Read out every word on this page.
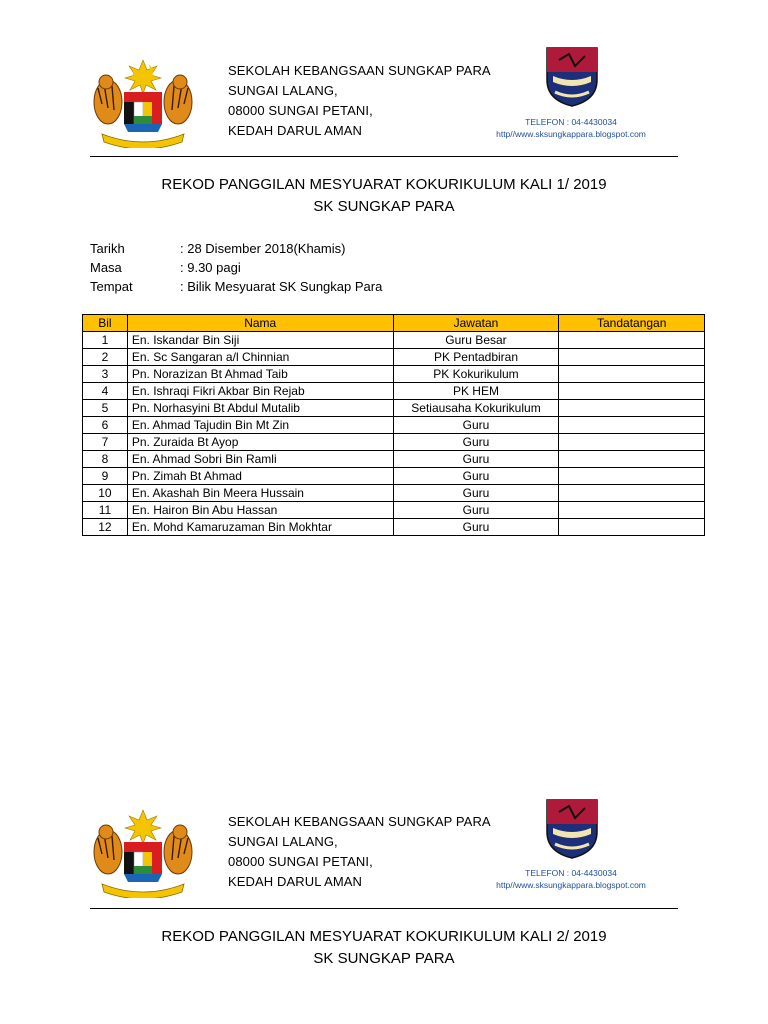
⋯⋯⋯⋯⋯
SEKOLAH KEBANGSAAN SUNGKAP PARA
SUNGAI LALANG,
08000 SUNGAI PETANI,
KEDAH DARUL AMAN
TELEFON : 04-4430034
http//www.sksungkappara.blogspot.com
REKOD PANGGILAN MESYUARAT KOKURIKULUM KALI 1/ 2019
SK SUNGKAP PARA
Tarikh	: 28 Disember 2018(Khamis)
Masa	: 9.30 pagi
Tempat	: Bilik Mesyuarat SK Sungkap Para
Bil	Nama	Jawatan	Tandatangan
1	En. Iskandar Bin Siji	Guru Besar	
2	En. Sc Sangaran a/l Chinnian	PK Pentadbiran	
3	Pn. Norazizan Bt Ahmad Taib	PK Kokurikulum	
4	En. Ishraqi Fikri Akbar Bin Rejab	PK HEM	
5	Pn. Norhasyini Bt Abdul Mutalib	Setiausaha Kokurikulum	
6	En. Ahmad Tajudin Bin Mt Zin	Guru	
7	Pn. Zuraida Bt Ayop	Guru	
8	En. Ahmad Sobri Bin Ramli	Guru	
9	Pn. Zimah Bt Ahmad	Guru	
10	En. Akashah Bin Meera Hussain	Guru	
11	En. Hairon Bin Abu Hassan	Guru	
12	En. Mohd Kamaruzaman Bin Mokhtar	Guru	
SEKOLAH KEBANGSAAN SUNGKAP PARA
SUNGAI LALANG,
08000 SUNGAI PETANI,
KEDAH DARUL AMAN
TELEFON : 04-4430034
http//www.sksungkappara.blogspot.com
REKOD PANGGILAN MESYUARAT KOKURIKULUM KALI 2/ 2019
SK SUNGKAP PARA
